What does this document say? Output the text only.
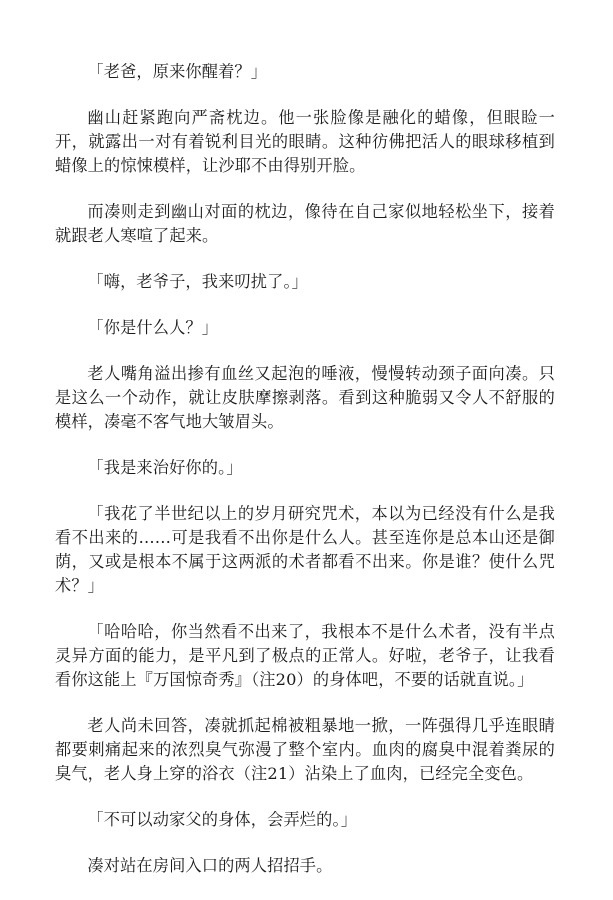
「老爸，原来你醒着？」

幽山赶紧跑向严斋枕边。他一张脸像是融化的蜡像，但眼睑一开，就露出一对有着锐利目光的眼睛。这种彷佛把活人的眼球移植到蜡像上的惊悚模样，让沙耶不由得别开脸。

而凑则走到幽山对面的枕边，像待在自己家似地轻松坐下，接着就跟老人寒喧了起来。

「嗨，老爷子，我来叨扰了。」

「你是什么人？」

老人嘴角溢出掺有血丝又起泡的唾液，慢慢转动颈子面向凑。只是这么一个动作，就让皮肤摩擦剥落。看到这种脆弱又令人不舒服的模样，凑毫不客气地大皱眉头。

「我是来治好你的。」

「我花了半世纪以上的岁月研究咒术，本以为已经没有什么是我看不出来的……可是我看不出你是什么人。甚至连你是总本山还是御荫，又或是根本不属于这两派的术者都看不出来。你是谁？使什么咒术？」

「哈哈哈，你当然看不出来了，我根本不是什么术者，没有半点灵异方面的能力，是平凡到了极点的正常人。好啦，老爷子，让我看看你这能上『万国惊奇秀』（注20）的身体吧，不要的话就直说。」

老人尚未回答，凑就抓起棉被粗暴地一掀，一阵强得几乎连眼睛都要刺痛起来的浓烈臭气弥漫了整个室内。血肉的腐臭中混着粪尿的臭气，老人身上穿的浴衣（注21）沾染上了血肉，已经完全变色。

「不可以动家父的身体，会弄烂的。」

凑对站在房间入口的两人招招手。
